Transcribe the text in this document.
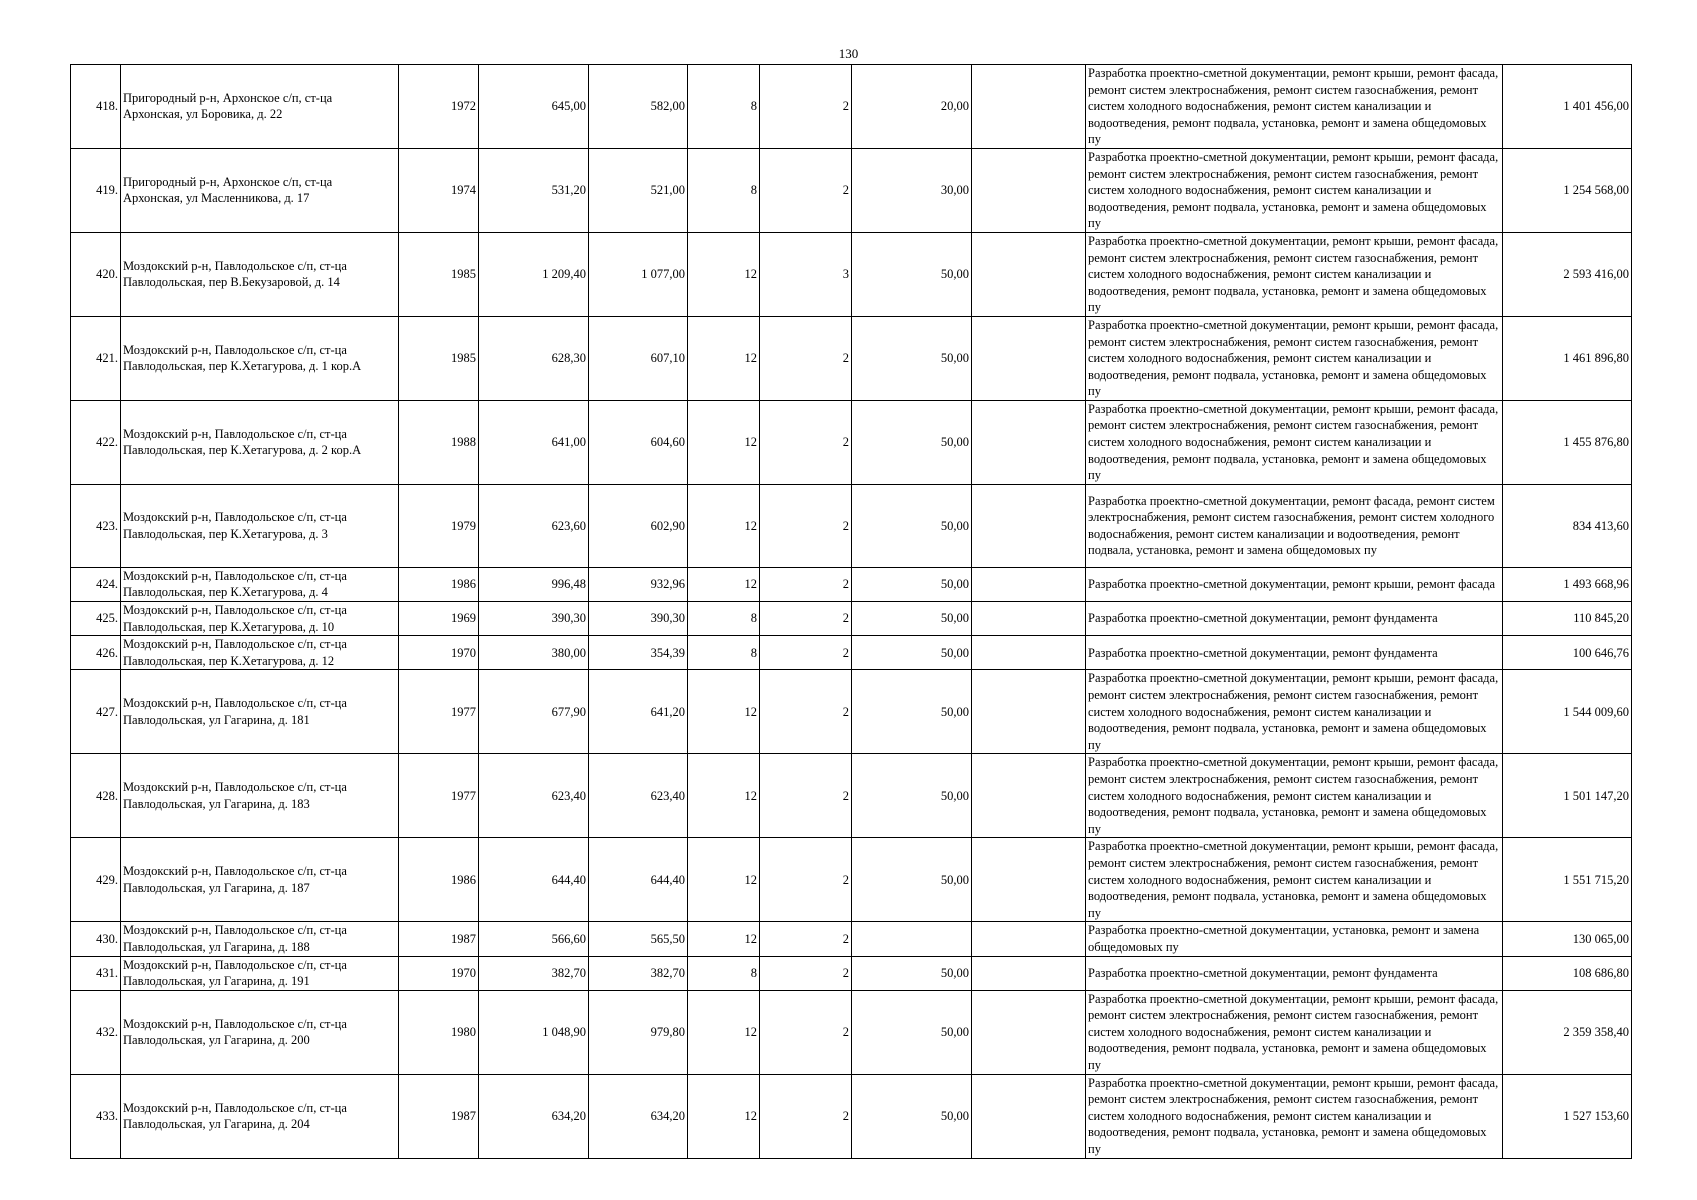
130
418.	Пригородный р-н, Архонское с/п, ст-ца
Архонская, ул Боровика, д. 22	1972	645,00	582,00	8	2	20,00		Разработка проектно-сметной документации, ремонт крыши, ремонт фасада, ремонт систем электроснабжения, ремонт систем газоснабжения, ремонт систем холодного водоснабжения, ремонт систем канализации и водоотведения, ремонт подвала, установка, ремонт и замена общедомовых пу	1 401 456,00
419.	Пригородный р-н, Архонское с/п, ст-ца
Архонская, ул Масленникова, д. 17	1974	531,20	521,00	8	2	30,00		Разработка проектно-сметной документации, ремонт крыши, ремонт фасада, ремонт систем электроснабжения, ремонт систем газоснабжения, ремонт систем холодного водоснабжения, ремонт систем канализации и водоотведения, ремонт подвала, установка, ремонт и замена общедомовых пу	1 254 568,00
420.	Моздокский р-н, Павлодольское с/п, ст-ца
Павлодольская, пер В.Бекузаровой, д. 14	1985	1 209,40	1 077,00	12	3	50,00		Разработка проектно-сметной документации, ремонт крыши, ремонт фасада, ремонт систем электроснабжения, ремонт систем газоснабжения, ремонт систем холодного водоснабжения, ремонт систем канализации и водоотведения, ремонт подвала, установка, ремонт и замена общедомовых пу	2 593 416,00
421.	Моздокский р-н, Павлодольское с/п, ст-ца
Павлодольская, пер К.Хетагурова, д. 1 кор.А	1985	628,30	607,10	12	2	50,00		Разработка проектно-сметной документации, ремонт крыши, ремонт фасада, ремонт систем электроснабжения, ремонт систем газоснабжения, ремонт систем холодного водоснабжения, ремонт систем канализации и водоотведения, ремонт подвала, установка, ремонт и замена общедомовых пу	1 461 896,80
422.	Моздокский р-н, Павлодольское с/п, ст-ца
Павлодольская, пер К.Хетагурова, д. 2 кор.А	1988	641,00	604,60	12	2	50,00		Разработка проектно-сметной документации, ремонт крыши, ремонт фасада, ремонт систем электроснабжения, ремонт систем газоснабжения, ремонт систем холодного водоснабжения, ремонт систем канализации и водоотведения, ремонт подвала, установка, ремонт и замена общедомовых пу	1 455 876,80
423.	Моздокский р-н, Павлодольское с/п, ст-ца
Павлодольская, пер К.Хетагурова, д. 3	1979	623,60	602,90	12	2	50,00		Разработка проектно-сметной документации, ремонт фасада, ремонт систем электроснабжения, ремонт систем газоснабжения, ремонт систем холодного водоснабжения, ремонт систем канализации и водоотведения, ремонт подвала, установка, ремонт и замена общедомовых пу	834 413,60
424.	Моздокский р-н, Павлодольское с/п, ст-ца
Павлодольская, пер К.Хетагурова, д. 4	1986	996,48	932,96	12	2	50,00		Разработка проектно-сметной документации, ремонт крыши, ремонт фасада	1 493 668,96
425.	Моздокский р-н, Павлодольское с/п, ст-ца
Павлодольская, пер К.Хетагурова, д. 10	1969	390,30	390,30	8	2	50,00		Разработка проектно-сметной документации, ремонт фундамента	110 845,20
426.	Моздокский р-н, Павлодольское с/п, ст-ца
Павлодольская, пер К.Хетагурова, д. 12	1970	380,00	354,39	8	2	50,00		Разработка проектно-сметной документации, ремонт фундамента	100 646,76
427.	Моздокский р-н, Павлодольское с/п, ст-ца
Павлодольская, ул Гагарина, д. 181	1977	677,90	641,20	12	2	50,00		Разработка проектно-сметной документации, ремонт крыши, ремонт фасада, ремонт систем электроснабжения, ремонт систем газоснабжения, ремонт систем холодного водоснабжения, ремонт систем канализации и водоотведения, ремонт подвала, установка, ремонт и замена общедомовых пу	1 544 009,60
428.	Моздокский р-н, Павлодольское с/п, ст-ца
Павлодольская, ул Гагарина, д. 183	1977	623,40	623,40	12	2	50,00		Разработка проектно-сметной документации, ремонт крыши, ремонт фасада, ремонт систем электроснабжения, ремонт систем газоснабжения, ремонт систем холодного водоснабжения, ремонт систем канализации и водоотведения, ремонт подвала, установка, ремонт и замена общедомовых пу	1 501 147,20
429.	Моздокский р-н, Павлодольское с/п, ст-ца
Павлодольская, ул Гагарина, д. 187	1986	644,40	644,40	12	2	50,00		Разработка проектно-сметной документации, ремонт крыши, ремонт фасада, ремонт систем электроснабжения, ремонт систем газоснабжения, ремонт систем холодного водоснабжения, ремонт систем канализации и водоотведения, ремонт подвала, установка, ремонт и замена общедомовых пу	1 551 715,20
430.	Моздокский р-н, Павлодольское с/п, ст-ца
Павлодольская, ул Гагарина, д. 188	1987	566,60	565,50	12	2			Разработка проектно-сметной документации, установка, ремонт и замена общедомовых пу	130 065,00
431.	Моздокский р-н, Павлодольское с/п, ст-ца
Павлодольская, ул Гагарина, д. 191	1970	382,70	382,70	8	2	50,00		Разработка проектно-сметной документации, ремонт фундамента	108 686,80
432.	Моздокский р-н, Павлодольское с/п, ст-ца
Павлодольская, ул Гагарина, д. 200	1980	1 048,90	979,80	12	2	50,00		Разработка проектно-сметной документации, ремонт крыши, ремонт фасада, ремонт систем электроснабжения, ремонт систем газоснабжения, ремонт систем холодного водоснабжения, ремонт систем канализации и водоотведения, ремонт подвала, установка, ремонт и замена общедомовых пу	2 359 358,40
433.	Моздокский р-н, Павлодольское с/п, ст-ца
Павлодольская, ул Гагарина, д. 204	1987	634,20	634,20	12	2	50,00		Разработка проектно-сметной документации, ремонт крыши, ремонт фасада, ремонт систем электроснабжения, ремонт систем газоснабжения, ремонт систем холодного водоснабжения, ремонт систем канализации и водоотведения, ремонт подвала, установка, ремонт и замена общедомовых пу	1 527 153,60
